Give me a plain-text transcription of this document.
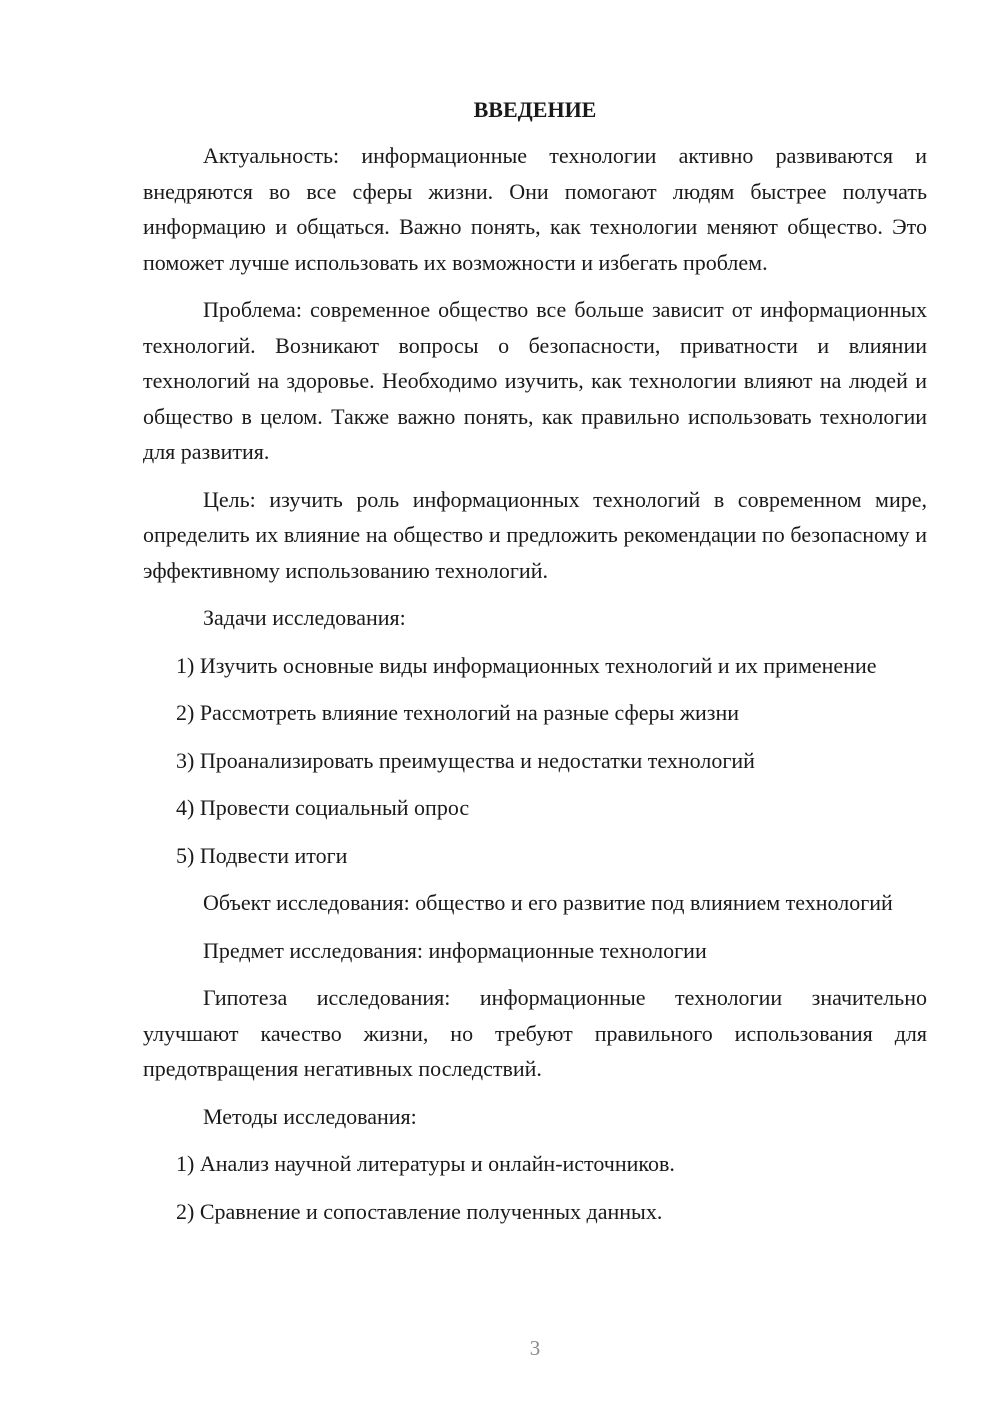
ВВЕДЕНИЕ

Актуальность: информационные технологии активно развиваются и внедряются во все сферы жизни. Они помогают людям быстрее получать информацию и общаться. Важно понять, как технологии меняют общество. Это поможет лучше использовать их возможности и избегать проблем.

Проблема: современное общество все больше зависит от информационных технологий. Возникают вопросы о безопасности, приватности и влиянии технологий на здоровье. Необходимо изучить, как технологии влияют на людей и общество в целом. Также важно понять, как правильно использовать технологии для развития.

Цель: изучить роль информационных технологий в современном мире, определить их влияние на общество и предложить рекомендации по безопасному и эффективному использованию технологий.

Задачи исследования:

1) Изучить основные виды информационных технологий и их применение

2) Рассмотреть влияние технологий на разные сферы жизни

3) Проанализировать преимущества и недостатки технологий

4) Провести социальный опрос

5) Подвести итоги

Объект исследования: общество и его развитие под влиянием технологий

Предмет исследования: информационные технологии

Гипотеза исследования: информационные технологии значительно улучшают качество жизни, но требуют правильного использования для предотвращения негативных последствий.

Методы исследования:

1) Анализ научной литературы и онлайн-источников.

2) Сравнение и сопоставление полученных данных.

3
